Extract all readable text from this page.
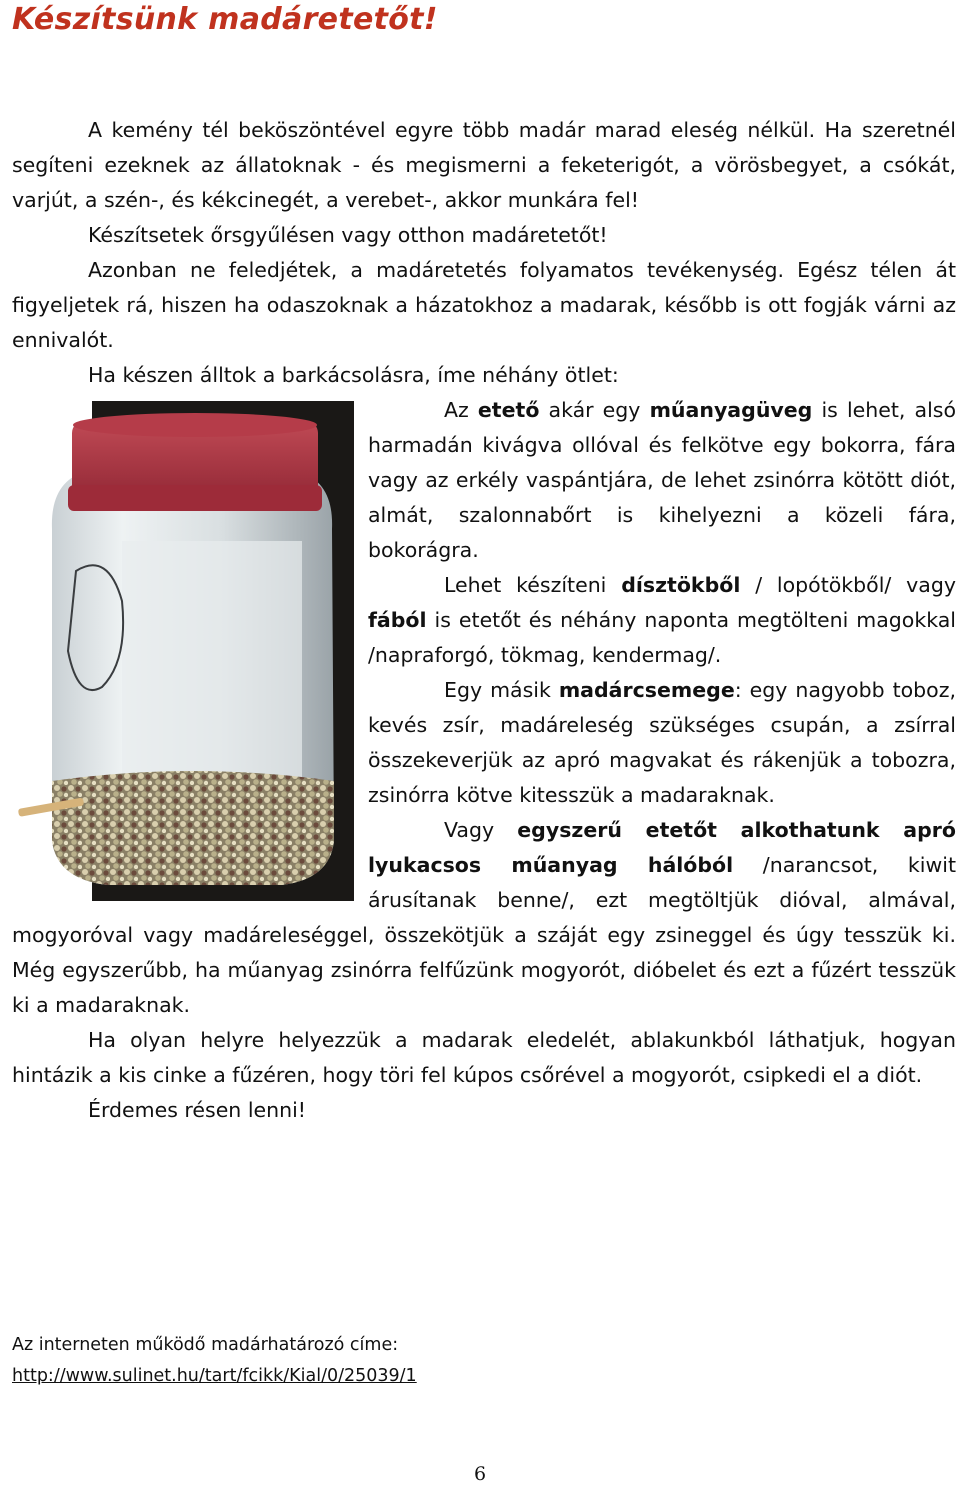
Készítsünk madáretetőt!

A kemény tél beköszöntével egyre több madár marad eleség nélkül. Ha szeretnél segíteni ezeknek az állatoknak - és megismerni a feketerigót, a vörösbegyet, a csókát, varjút, a szén-, és kékcinegét, a verebet-, akkor munkára fel!

Készítsetek őrsgyűlésen vagy otthon madáretetőt!

Azonban ne feledjétek, a madáretetés folyamatos tevékenység. Egész télen át figyeljetek rá, hiszen ha odaszoknak a házatokhoz a madarak, később is ott fogják várni az ennivalót.

Ha készen álltok a barkácsolásra, íme néhány ötlet:

Az etető akár egy műanyagüveg is lehet, alsó harmadán kivágva ollóval és felkötve egy bokorra, fára vagy az erkély vaspántjára, de lehet zsinórra kötött diót, almát, szalonnabőrt is kihelyezni a közeli fára, bokorágra.

Lehet készíteni dísztökből / lopótökből/ vagy fából is etetőt és néhány naponta megtölteni magokkal /napraforgó, tökmag, kendermag/.

Egy másik madárcsemege: egy nagyobb toboz, kevés zsír, madáreleség szükséges csupán, a zsírral összekeverjük az apró magvakat és rákenjük a tobozra, zsinórra kötve kitesszük a madaraknak.

Vagy egyszerű etetőt alkothatunk apró lyukacsos műanyag hálóból /narancsot, kiwit árusítanak benne/, ezt megtöltjük dióval, almával, mogyoróval vagy madáreleséggel, összekötjük a száját egy zsineggel és úgy tesszük ki. Még egyszerűbb, ha műanyag zsinórra felfűzünk mogyorót, dióbelet és ezt a fűzért tesszük ki a madaraknak.

Ha olyan helyre helyezzük a madarak eledelét, ablakunkból láthatjuk, hogyan hintázik a kis cinke a fűzéren, hogy töri fel kúpos csőrével a mogyorót, csipkedi el a diót.

Érdemes résen lenni!

Az interneten működő madárhatározó címe:
http://www.sulinet.hu/tart/fcikk/Kial/0/25039/1
6
